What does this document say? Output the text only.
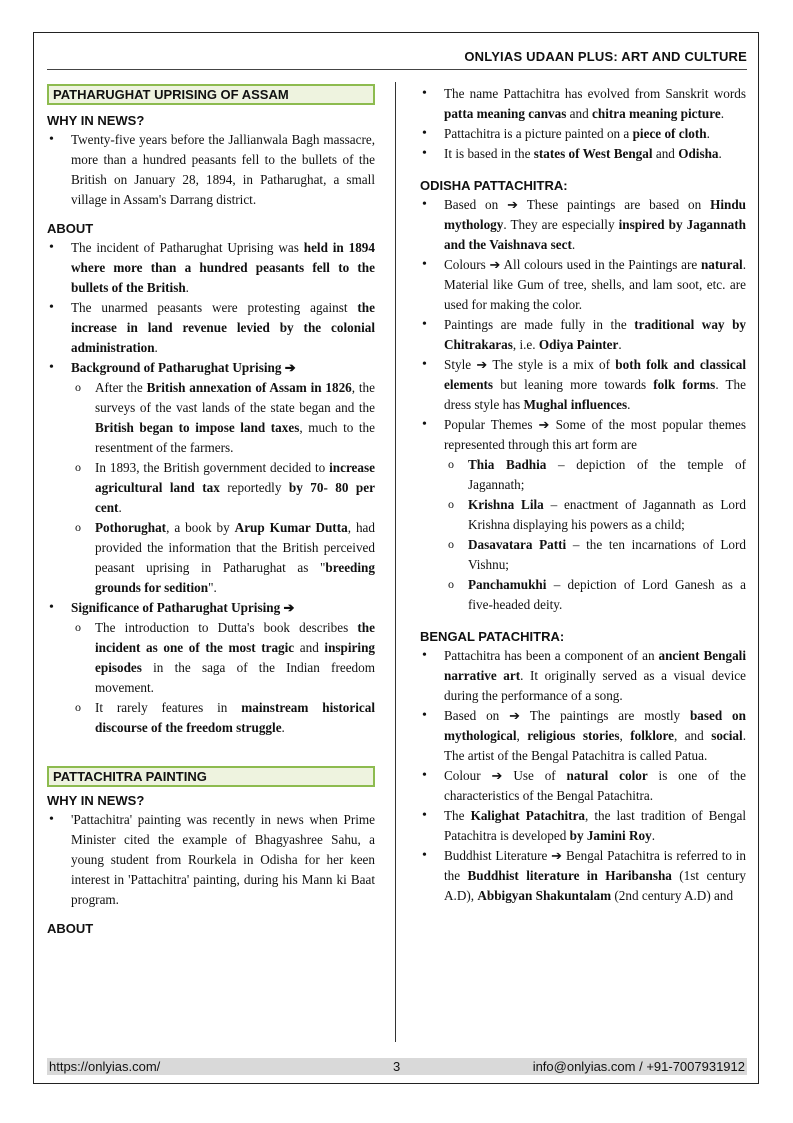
ONLYIAS UDAAN PLUS: ART AND CULTURE
PATHARUGHAT UPRISING OF ASSAM
WHY IN NEWS?
• Twenty-five years before the Jallianwala Bagh massacre, more than a hundred peasants fell to the bullets of the British on January 28, 1894, in Patharughat, a small village in Assam's Darrang district.
ABOUT
• The incident of Patharughat Uprising was held in 1894 where more than a hundred peasants fell to the bullets of the British.
• The unarmed peasants were protesting against the increase in land revenue levied by the colonial administration.
• Background of Patharughat Uprising ➔
o After the British annexation of Assam in 1826, the surveys of the vast lands of the state began and the British began to impose land taxes, much to the resentment of the farmers.
o In 1893, the British government decided to increase agricultural land tax reportedly by 70- 80 per cent.
o Pothorughat, a book by Arup Kumar Dutta, had provided the information that the British perceived peasant uprising in Patharughat as "breeding grounds for sedition".
• Significance of Patharughat Uprising ➔
o The introduction to Dutta's book describes the incident as one of the most tragic and inspiring episodes in the saga of the Indian freedom movement.
o It rarely features in mainstream historical discourse of the freedom struggle.
PATTACHITRA PAINTING
WHY IN NEWS?
• 'Pattachitra' painting was recently in news when Prime Minister cited the example of Bhagyashree Sahu, a young student from Rourkela in Odisha for her keen interest in 'Pattachitra' painting, during his Mann ki Baat program.
ABOUT
• The name Pattachitra has evolved from Sanskrit words patta meaning canvas and chitra meaning picture.
• Pattachitra is a picture painted on a piece of cloth.
• It is based in the states of West Bengal and Odisha.
ODISHA PATTACHITRA:
• Based on ➔ These paintings are based on Hindu mythology. They are especially inspired by Jagannath and the Vaishnava sect.
• Colours ➔ All colours used in the Paintings are natural. Material like Gum of tree, shells, and lam soot, etc. are used for making the color.
• Paintings are made fully in the traditional way by Chitrakaras, i.e. Odiya Painter.
• Style ➔ The style is a mix of both folk and classical elements but leaning more towards folk forms. The dress style has Mughal influences.
• Popular Themes ➔ Some of the most popular themes represented through this art form are
o Thia Badhia – depiction of the temple of Jagannath;
o Krishna Lila – enactment of Jagannath as Lord Krishna displaying his powers as a child;
o Dasavatara Patti – the ten incarnations of Lord Vishnu;
o Panchamukhi – depiction of Lord Ganesh as a five-headed deity.
BENGAL PATACHITRA:
• Pattachitra has been a component of an ancient Bengali narrative art. It originally served as a visual device during the performance of a song.
• Based on ➔ The paintings are mostly based on mythological, religious stories, folklore, and social. The artist of the Bengal Patachitra is called Patua.
• Colour ➔ Use of natural color is one of the characteristics of the Bengal Patachitra.
• The Kalighat Patachitra, the last tradition of Bengal Patachitra is developed by Jamini Roy.
• Buddhist Literature ➔ Bengal Patachitra is referred to in the Buddhist literature in Haribansha (1st century A.D), Abbigyan Shakuntalam (2nd century A.D) and
https://onlyias.com/	3	info@onlyias.com / +91-7007931912
